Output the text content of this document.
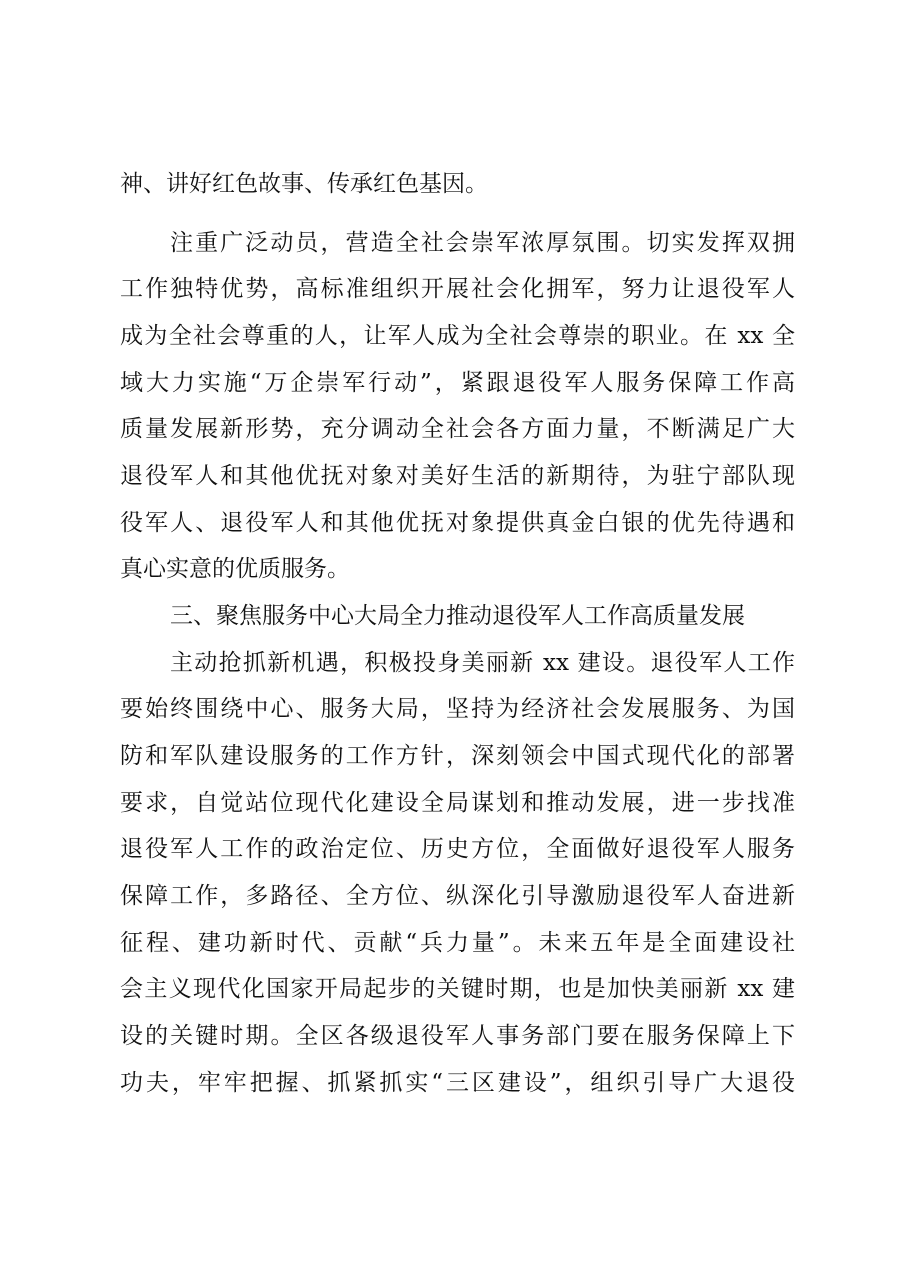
神、讲好红色故事、传承红色基因。
注重广泛动员，营造全社会崇军浓厚氛围。切实发挥双拥
工作独特优势，高标准组织开展社会化拥军，努力让退役军人
成为全社会尊重的人，让军人成为全社会尊崇的职业。在 xx 全
域大力实施“万企崇军行动”，紧跟退役军人服务保障工作高
质量发展新形势，充分调动全社会各方面力量，不断满足广大
退役军人和其他优抚对象对美好生活的新期待，为驻宁部队现
役军人、退役军人和其他优抚对象提供真金白银的优先待遇和
真心实意的优质服务。
三、聚焦服务中心大局全力推动退役军人工作高质量发展
主动抢抓新机遇，积极投身美丽新 xx 建设。退役军人工作
要始终围绕中心、服务大局，坚持为经济社会发展服务、为国
防和军队建设服务的工作方针，深刻领会中国式现代化的部署
要求，自觉站位现代化建设全局谋划和推动发展，进一步找准
退役军人工作的政治定位、历史方位，全面做好退役军人服务
保障工作，多路径、全方位、纵深化引导激励退役军人奋进新
征程、建功新时代、贡献“兵力量”。未来五年是全面建设社
会主义现代化国家开局起步的关键时期，也是加快美丽新 xx 建
设的关键时期。全区各级退役军人事务部门要在服务保障上下
功夫，牢牢把握、抓紧抓实“三区建设”，组织引导广大退役
